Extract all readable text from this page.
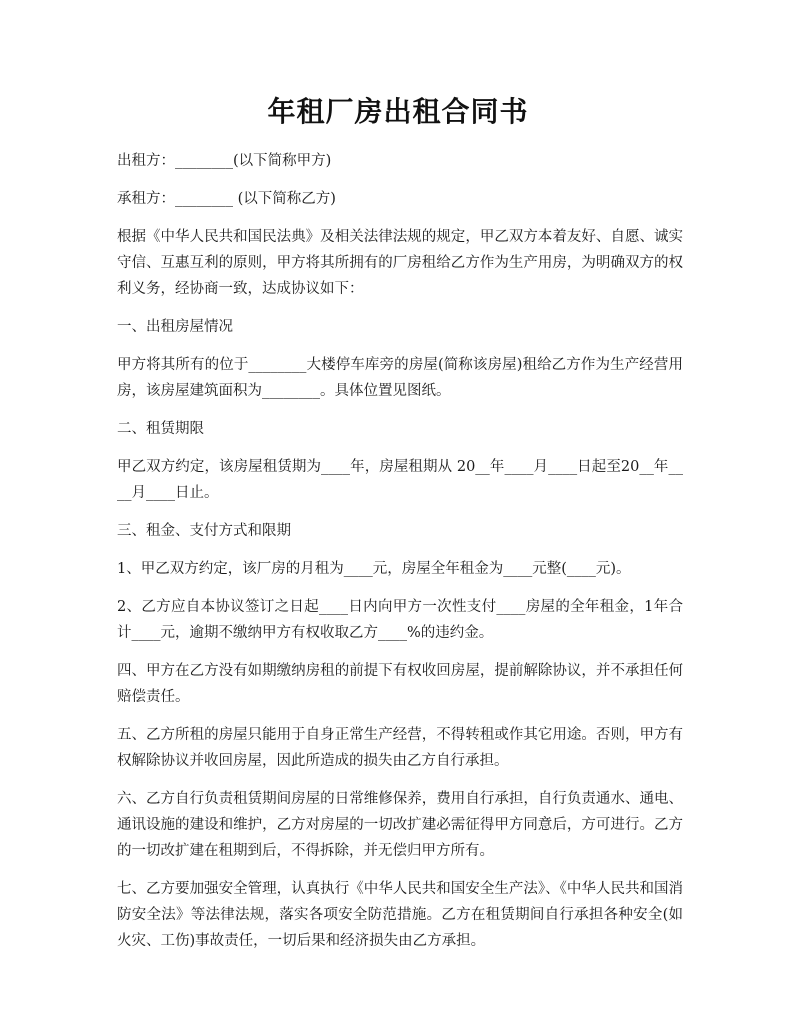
年租厂房出租合同书

出租方：________(以下简称甲方)

承租方：________ (以下简称乙方)

根据《中华人民共和国民法典》及相关法律法规的规定，甲乙双方本着友好、自愿、诚实守信、互惠互利的原则，甲方将其所拥有的厂房租给乙方作为生产用房，为明确双方的权利义务，经协商一致，达成协议如下：

一、出租房屋情况

甲方将其所有的位于________大楼停车库旁的房屋(简称该房屋)租给乙方作为生产经营用房，该房屋建筑面积为________。具体位置见图纸。

二、租赁期限

甲乙双方约定，该房屋租赁期为____年，房屋租期从 20__年____月____日起至20__年____月____日止。

三、租金、支付方式和限期

1、甲乙双方约定，该厂房的月租为____元，房屋全年租金为____元整(____元)。

2、乙方应自本协议签订之日起____日内向甲方一次性支付____房屋的全年租金，1年合计____元，逾期不缴纳甲方有权收取乙方____%的违约金。

四、甲方在乙方没有如期缴纳房租的前提下有权收回房屋，提前解除协议，并不承担任何赔偿责任。

五、乙方所租的房屋只能用于自身正常生产经营，不得转租或作其它用途。否则，甲方有权解除协议并收回房屋，因此所造成的损失由乙方自行承担。

六、乙方自行负责租赁期间房屋的日常维修保养，费用自行承担，自行负责通水、通电、通讯设施的建设和维护，乙方对房屋的一切改扩建必需征得甲方同意后，方可进行。乙方的一切改扩建在租期到后，不得拆除，并无偿归甲方所有。

七、乙方要加强安全管理，认真执行《中华人民共和国安全生产法》、《中华人民共和国消防安全法》等法律法规，落实各项安全防范措施。乙方在租赁期间自行承担各种安全(如火灾、工伤)事故责任，一切后果和经济损失由乙方承担。
